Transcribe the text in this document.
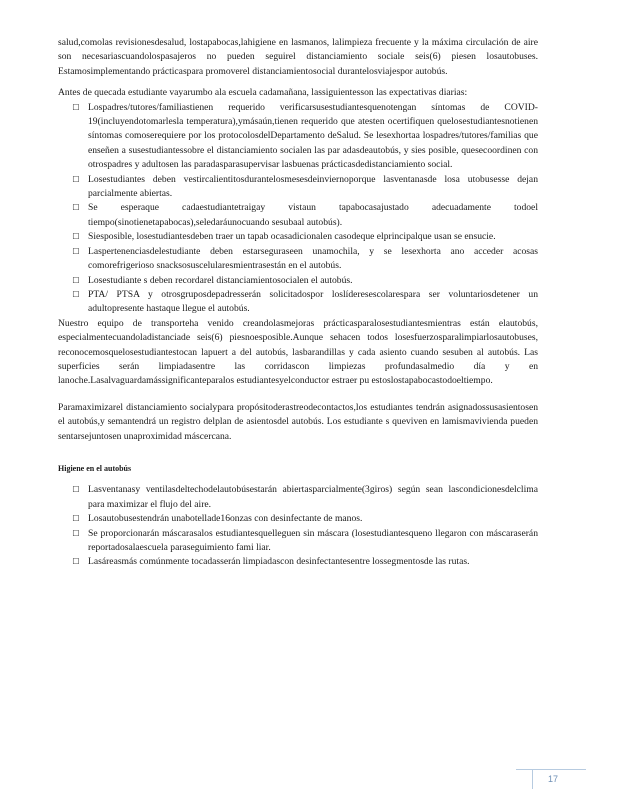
salud,comolas revisionesdesalud, lostapabocas,lahigiene en lasmanos, lalimpieza frecuente y la máxima circulación de aire son necesariascuandolospasajeros no pueden seguirel distanciamiento sociale seis(6) piesen losautobuses. Estamosimplementando prácticaspara promoverel distanciamientosocial durantelosviajespor autobús.

Antes de quecada estudiante vayarumbo ala escuela cadamañana, lassiguientesson las expectativas diarias:

☐ Lospadres/tutores/familiastienen requerido verificarsusestudiantesquenotengan síntomas de COVID-19(incluyendotomarlesla temperatura),ymásaún,tienen requerido que atesten ocertifiquen quelosestudiantesnotienen síntomas comoserequiere por los protocolosdelDepartamento deSalud. Se lesexhortaa lospadres/tutores/familias que enseñen a susestudiantessobre el distanciamiento socialen las par adasdeautobús, y sies posible, quesecoordinen con otrospadres y adultosen las paradasparasupervisar lasbuenas prácticasdedistanciamiento social.
☐ Losestudiantes deben vestircalientitosdurantelosmesesdeinviernoporque lasventanasde losa utobusesse dejan parcialmente abiertas.
☐ Se esperaque cadaestudiantetraigay vistaun tapabocasajustado adecuadamente todoel tiempo(sinotienetapabocas),seledaráunocuando sesubaal autobús).
☐ Siesposible, losestudiantesdeben traer un tapab ocasadicionalen casodeque elprincipalque usan se ensucie.
☐ Laspertenenciasdelestudiante deben estarseguraseen unamochila, y se lesexhorta ano acceder acosas comorefrigerioso snacksosuscelularesmientrasestán en el autobús.
☐ Losestudiante s deben recordarel distanciamientosocialen el autobús.
☐ PTA/ PTSA y otrosgruposdepadresserán solicitadospor loslíderesescolarespara ser voluntariosdetener un adultopresente hastaque llegue el autobús.

Nuestro equipo de transporteha venido creandolasmejoras prácticasparalosestudiantesmientras están elautobús, especialmentecuandoladistanciade seis(6) piesnoesposible.Aunque sehacen todos losesfuerzosparalimpiarlosautobuses, reconocemosquelosestudiantestocan lapuert a del autobús, lasbarandillas y cada asiento cuando sesuben al autobús. Las superficies serán limpiadasentre las corridascon limpiezas profundasalmedio día y en lanoche.Lasalvaguardamássignificanteparalos estudiantesyelconductor estraer pu estoslostapabocastodoeltiempo.

Paramaximizarel distanciamiento socialypara propósitoderastreodecontactos,los estudiantes tendrán asignadossusasientosen el autobús,y semantendrá un registro delplan de asientosdel autobús. Los estudiante s queviven en lamismavivienda pueden sentarsejuntosen unaproximidad máscercana.

Higiene en el autobús

☐ Lasventanasy ventilasdeltechodelautobúsestarán abiertasparcialmente(3giros) según sean lascondicionesdelclima para maximizar el flujo del aire.
☐ Losautobusestendrán unabotellade16onzas con desinfectante de manos.
☐ Se proporcionarán máscarasalos estudiantesquelleguen sin máscara (losestudiantesqueno llegaron con máscaraserán reportadosalaescuela paraseguimiento fami liar.
☐ Lasáreasmás comúnmente tocadasserán limpiadascon desinfectantesentre lossegmentosde las rutas.
17
